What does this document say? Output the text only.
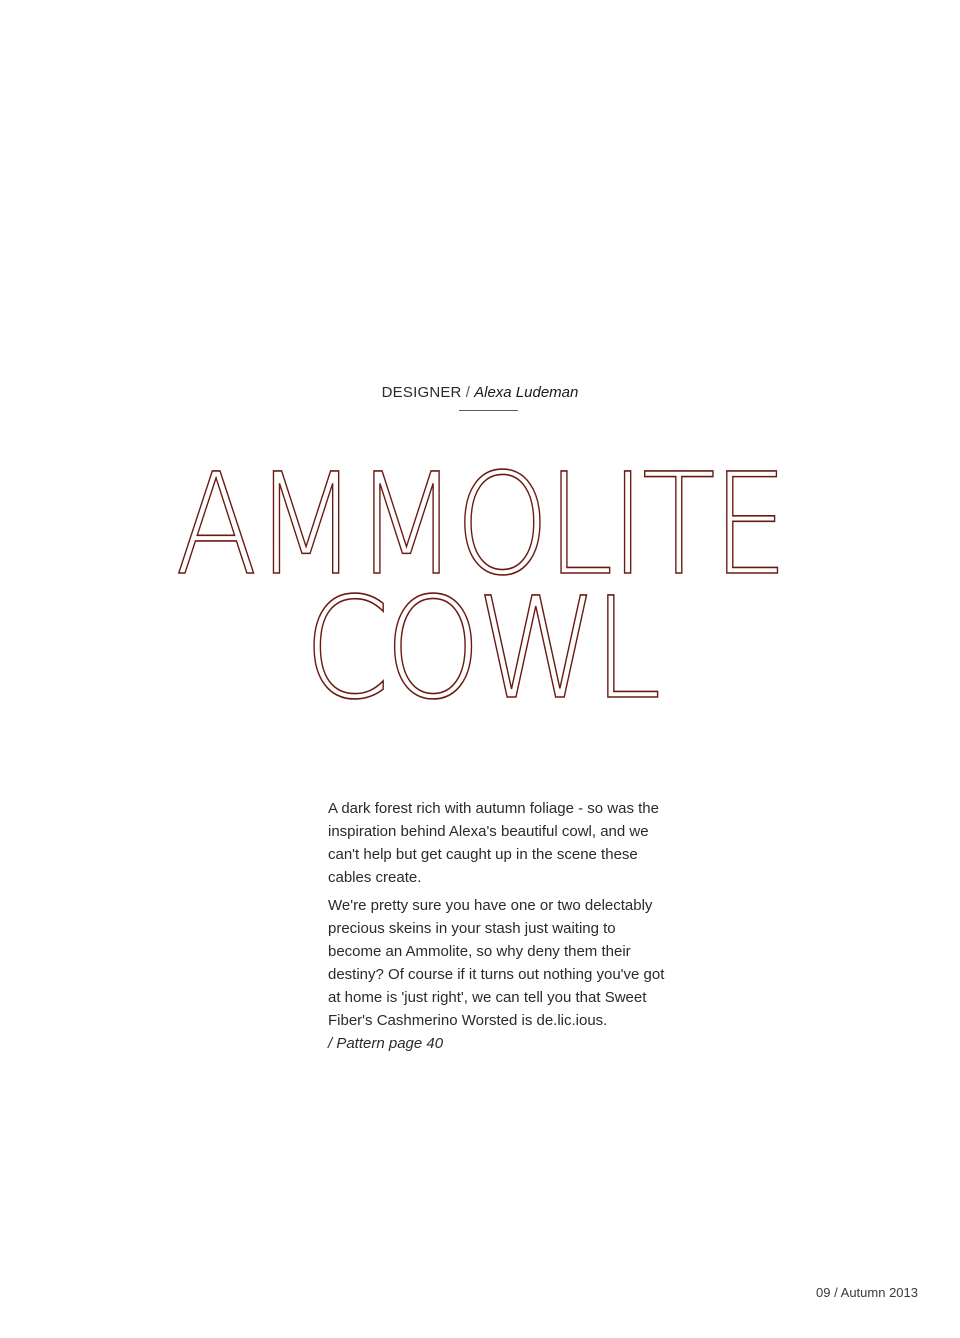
DESIGNER / Alexa Ludeman
AMMOLITE
COWL

A dark forest rich with autumn foliage - so was the inspiration behind Alexa's beautiful cowl, and we can't help but get caught up in the scene these cables create.

We're pretty sure you have one or two delectably precious skeins in your stash just waiting to become an Ammolite, so why deny them their destiny? Of course if it turns out nothing you've got at home is 'just right', we can tell you that Sweet Fiber's Cashmerino Worsted is de.lic.ious.
/ Pattern page 40

09 / Autumn 2013
